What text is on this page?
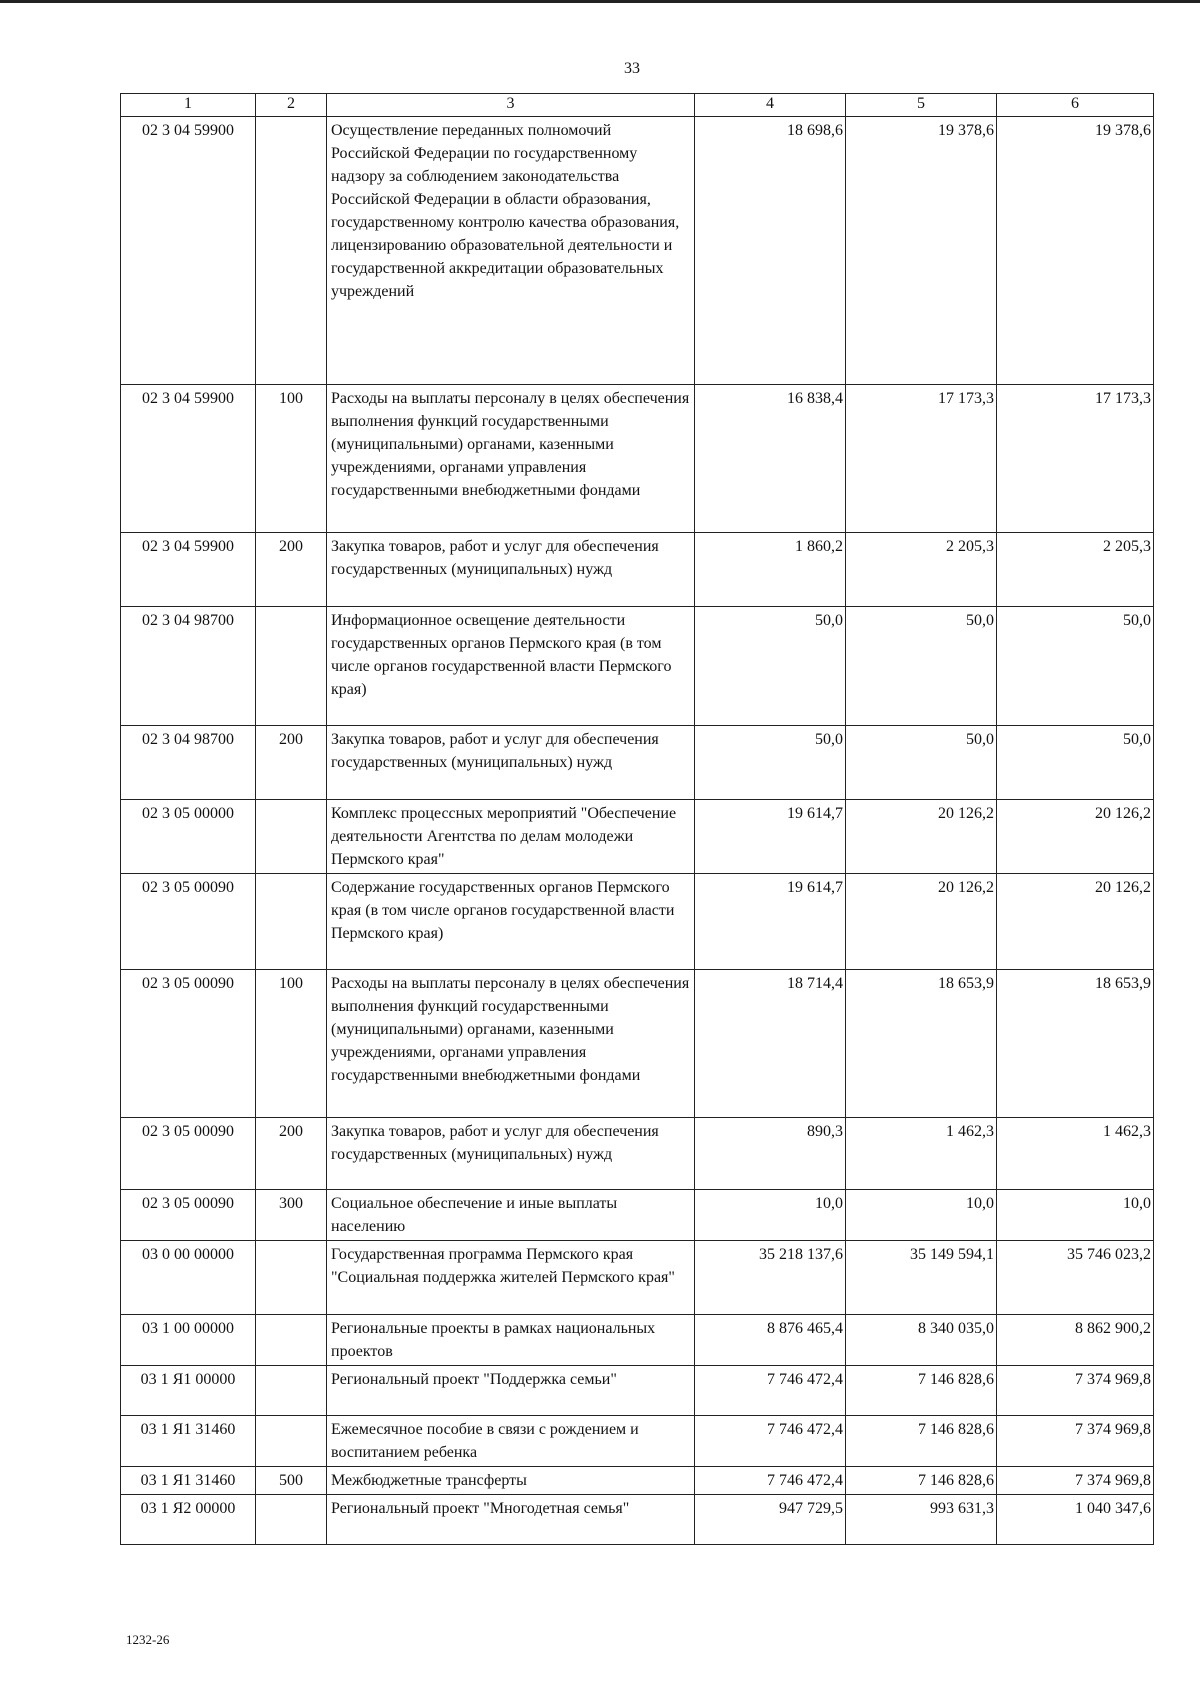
33
1	2	3	4	5	6
02 3 04 59900		Осуществление переданных полномочий Российской Федерации по государственному надзору за соблюдением законодательства Российской Федерации в области образования, государственному контролю качества образования, лицензированию образовательной деятельности и государственной аккредитации образовательных учреждений	18 698,6	19 378,6	19 378,6
02 3 04 59900	100	Расходы на выплаты персоналу в целях обеспечения выполнения функций государственными (муниципальными) органами, казенными учреждениями, органами управления государственными внебюджетными фондами	16 838,4	17 173,3	17 173,3
02 3 04 59900	200	Закупка товаров, работ и услуг для обеспечения государственных (муниципальных) нужд	1 860,2	2 205,3	2 205,3
02 3 04 98700		Информационное освещение деятельности государственных органов Пермского края (в том числе органов государственной власти Пермского края)	50,0	50,0	50,0
02 3 04 98700	200	Закупка товаров, работ и услуг для обеспечения государственных (муниципальных) нужд	50,0	50,0	50,0
02 3 05 00000		Комплекс процессных мероприятий "Обеспечение деятельности Агентства по делам молодежи Пермского края"	19 614,7	20 126,2	20 126,2
02 3 05 00090		Содержание государственных органов Пермского края (в том числе органов государственной власти Пермского края)	19 614,7	20 126,2	20 126,2
02 3 05 00090	100	Расходы на выплаты персоналу в целях обеспечения выполнения функций государственными (муниципальными) органами, казенными учреждениями, органами управления государственными внебюджетными фондами	18 714,4	18 653,9	18 653,9
02 3 05 00090	200	Закупка товаров, работ и услуг для обеспечения государственных (муниципальных) нужд	890,3	1 462,3	1 462,3
02 3 05 00090	300	Социальное обеспечение и иные выплаты населению	10,0	10,0	10,0
03 0 00 00000		Государственная программа Пермского края "Социальная поддержка жителей Пермского края"	35 218 137,6	35 149 594,1	35 746 023,2
03 1 00 00000		Региональные проекты в рамках национальных проектов	8 876 465,4	8 340 035,0	8 862 900,2
03 1 Я1 00000		Региональный проект "Поддержка семьи"	7 746 472,4	7 146 828,6	7 374 969,8
03 1 Я1 31460		Ежемесячное пособие в связи с рождением и воспитанием ребенка	7 746 472,4	7 146 828,6	7 374 969,8
03 1 Я1 31460	500	Межбюджетные трансферты	7 746 472,4	7 146 828,6	7 374 969,8
03 1 Я2 00000		Региональный проект "Многодетная семья"	947 729,5	993 631,3	1 040 347,6
1232-26
